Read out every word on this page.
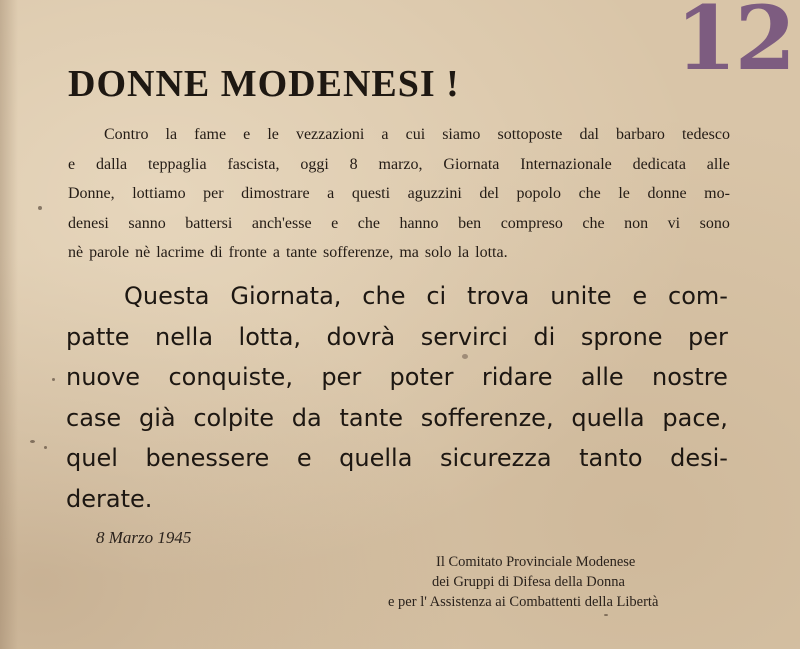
12
DONNE MODENESI !
Contro la fame e le vezzazioni a cui siamo sottoposte dal barbaro tedesco
e dalla teppaglia fascista, oggi 8 marzo, Giornata Internazionale dedicata alle
Donne, lottiamo per dimostrare a questi aguzzini del popolo che le donne mo-
denesi sanno battersi anch'esse e che hanno ben compreso che non vi sono
nè parole nè lacrime di fronte a tante sofferenze, ma solo la lotta.
Questa Giornata, che ci trova unite e com-
patte nella lotta, dovrà servirci di sprone per
nuove conquiste, per poter ridare alle nostre
case già colpite da tante sofferenze, quella pace,
quel benessere e quella sicurezza tanto desi-
derate.
8 Marzo 1945
Il Comitato Provinciale Modenese
dei Gruppi di Difesa della Donna
e per l' Assistenza ai Combattenti della Libertà
